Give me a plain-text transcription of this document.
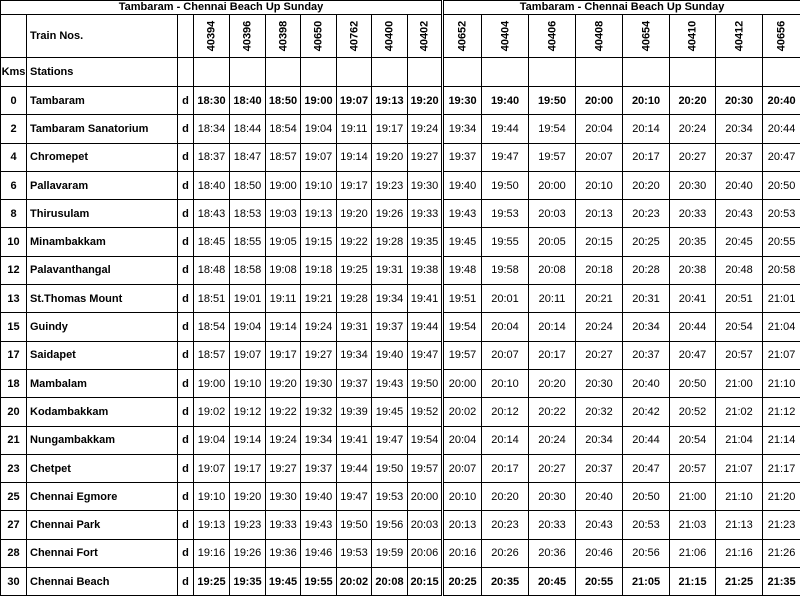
Tambaram - Chennai Beach Up Sunday										Tambaram - Chennai Beach Up Sunday							
	Train Nos.		40394	40396	40398	40650	40762	40400	40402	40652	40404	40406	40408	40654	40410	40412	40656
Kms	Stations																
0	Tambaram	d	18:30	18:40	18:50	19:00	19:07	19:13	19:20	19:30	19:40	19:50	20:00	20:10	20:20	20:30	20:40
2	Tambaram Sanatorium	d	18:34	18:44	18:54	19:04	19:11	19:17	19:24	19:34	19:44	19:54	20:04	20:14	20:24	20:34	20:44
4	Chromepet	d	18:37	18:47	18:57	19:07	19:14	19:20	19:27	19:37	19:47	19:57	20:07	20:17	20:27	20:37	20:47
6	Pallavaram	d	18:40	18:50	19:00	19:10	19:17	19:23	19:30	19:40	19:50	20:00	20:10	20:20	20:30	20:40	20:50
8	Thirusulam	d	18:43	18:53	19:03	19:13	19:20	19:26	19:33	19:43	19:53	20:03	20:13	20:23	20:33	20:43	20:53
10	Minambakkam	d	18:45	18:55	19:05	19:15	19:22	19:28	19:35	19:45	19:55	20:05	20:15	20:25	20:35	20:45	20:55
12	Palavanthangal	d	18:48	18:58	19:08	19:18	19:25	19:31	19:38	19:48	19:58	20:08	20:18	20:28	20:38	20:48	20:58
13	St.Thomas Mount	d	18:51	19:01	19:11	19:21	19:28	19:34	19:41	19:51	20:01	20:11	20:21	20:31	20:41	20:51	21:01
15	Guindy	d	18:54	19:04	19:14	19:24	19:31	19:37	19:44	19:54	20:04	20:14	20:24	20:34	20:44	20:54	21:04
17	Saidapet	d	18:57	19:07	19:17	19:27	19:34	19:40	19:47	19:57	20:07	20:17	20:27	20:37	20:47	20:57	21:07
18	Mambalam	d	19:00	19:10	19:20	19:30	19:37	19:43	19:50	20:00	20:10	20:20	20:30	20:40	20:50	21:00	21:10
20	Kodambakkam	d	19:02	19:12	19:22	19:32	19:39	19:45	19:52	20:02	20:12	20:22	20:32	20:42	20:52	21:02	21:12
21	Nungambakkam	d	19:04	19:14	19:24	19:34	19:41	19:47	19:54	20:04	20:14	20:24	20:34	20:44	20:54	21:04	21:14
23	Chetpet	d	19:07	19:17	19:27	19:37	19:44	19:50	19:57	20:07	20:17	20:27	20:37	20:47	20:57	21:07	21:17
25	Chennai Egmore	d	19:10	19:20	19:30	19:40	19:47	19:53	20:00	20:10	20:20	20:30	20:40	20:50	21:00	21:10	21:20
27	Chennai Park	d	19:13	19:23	19:33	19:43	19:50	19:56	20:03	20:13	20:23	20:33	20:43	20:53	21:03	21:13	21:23
28	Chennai Fort	d	19:16	19:26	19:36	19:46	19:53	19:59	20:06	20:16	20:26	20:36	20:46	20:56	21:06	21:16	21:26
30	Chennai Beach	d	19:25	19:35	19:45	19:55	20:02	20:08	20:15	20:25	20:35	20:45	20:55	21:05	21:15	21:25	21:35
